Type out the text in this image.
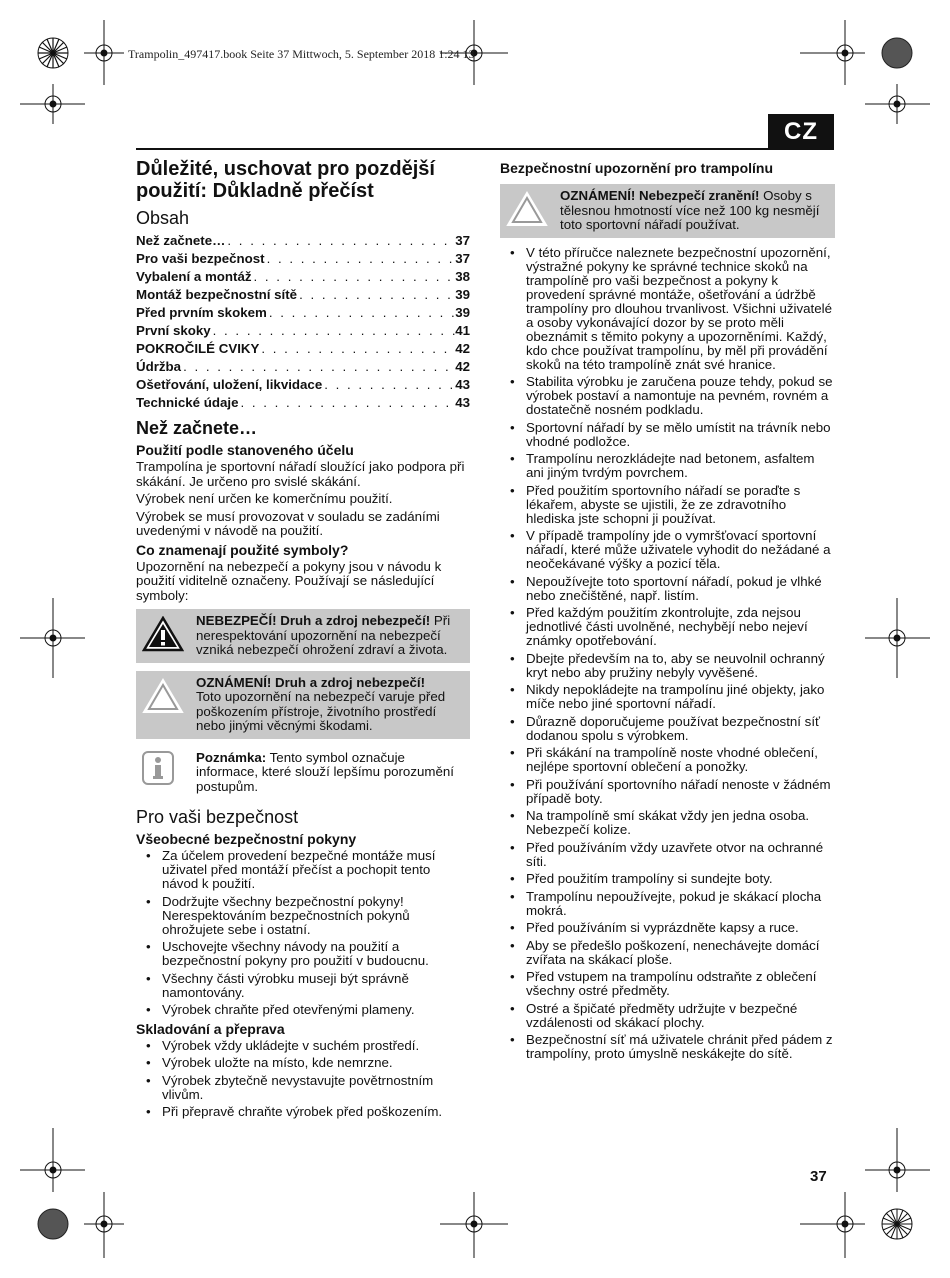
Trampolin_497417.book Seite 37 Mittwoch, 5. September 2018 1:24 13
CZ
Důležité, uschovat pro pozdější použití: Důkladně přečíst
Obsah
Než začnete… . . .	37
Pro vaši bezpečnost . . .	37
Vybalení a montáž . . .	38
Montáž bezpečnostní sítě . . .	39
Před prvním skokem . . .	39
První skoky . . .	41
POKROČILÉ CVIKY . . .	42
Údržba . . .	42
Ošetřování, uložení, likvidace . . .	43
Technické údaje . . .	43
Než začnete…
Použití podle stanoveného účelu
Trampolína je sportovní nářadí sloužící jako podpora při skákání. Je určeno pro svislé skákání.
Výrobek není určen ke komerčnímu použití.
Výrobek se musí provozovat v souladu se zadáními uvedenými v návodě na použití.
Co znamenají použité symboly?
Upozornění na nebezpečí a pokyny jsou v návodu k použití viditelně označeny. Používají se následující symboly:
NEBEZPEČÍ! Druh a zdroj nebezpečí! Při nerespektování upozornění na nebezpečí vzniká nebezpečí ohrožení zdraví a života.
OZNÁMENÍ! Druh a zdroj nebezpečí!
Toto upozornění na nebezpečí varuje před poškozením přístroje, životního prostředí nebo jinými věcnými škodami.
Poznámka: Tento symbol označuje informace, které slouží lepšímu porozumění postupům.
Pro vaši bezpečnost
Všeobecné bezpečnostní pokyny
• Za účelem provedení bezpečné montáže musí uživatel před montáží přečíst a pochopit tento návod k použití.
• Dodržujte všechny bezpečnostní pokyny! Nerespektováním bezpečnostních pokynů ohrožujete sebe i ostatní.
• Uschovejte všechny návody na použití a bezpečnostní pokyny pro použití v budoucnu.
• Všechny části výrobku museji být správně namontovány.
• Výrobek chraňte před otevřenými plameny.
Skladování a přeprava
• Výrobek vždy ukládejte v suchém prostředí.
• Výrobek uložte na místo, kde nemrzne.
• Výrobek zbytečně nevystavujte povětrnostním vlivům.
• Při přepravě chraňte výrobek před poškozením.
Bezpečnostní upozornění pro trampolínu
OZNÁMENÍ! Nebezpečí zranění! Osoby s tělesnou hmotností více než 100 kg nesmějí toto sportovní nářadí používat.
• V této příručce naleznete bezpečnostní upozornění, výstražné pokyny ke správné technice skoků na trampolíně pro vaši bezpečnost a pokyny k provedení správné montáže, ošetřování a údržbě trampolíny pro dlouhou trvanlivost. Všichni uživatelé a osoby vykonávající dozor by se proto měli obeznámit s těmito pokyny a upozorněními. Každý, kdo chce používat trampolínu, by měl při provádění skoků na této trampolíně znát své hranice.
• Stabilita výrobku je zaručena pouze tehdy, pokud se výrobek postaví a namontuje na pevném, rovném a dostatečně nosném podkladu.
• Sportovní nářadí by se mělo umístit na trávník nebo vhodné podložce.
• Trampolínu nerozkládejte nad betonem, asfaltem ani jiným tvrdým povrchem.
• Před použitím sportovního nářadí se poraďte s lékařem, abyste se ujistili, že ze zdravotního hlediska jste schopni ji používat.
• V případě trampolíny jde o vymršťovací sportovní nářadí, které může uživatele vyhodit do nežádané a neočekávané výšky a pozicí těla.
• Nepoužívejte toto sportovní nářadí, pokud je vlhké nebo znečištěné, např. listím.
• Před každým použitím zkontrolujte, zda nejsou jednotlivé části uvolněné, nechybějí nebo nejeví známky opotřebování.
• Dbejte především na to, aby se neuvolnil ochranný kryt nebo aby pružiny nebyly vyvěšené.
• Nikdy nepokládejte na trampolínu jiné objekty, jako míče nebo jiné sportovní nářadí.
• Důrazně doporučujeme používat bezpečnostní síť dodanou spolu s výrobkem.
• Při skákání na trampolíně noste vhodné oblečení, nejlépe sportovní oblečení a ponožky.
• Při používání sportovního nářadí nenoste v žádném případě boty.
• Na trampolíně smí skákat vždy jen jedna osoba. Nebezpečí kolize.
• Před používáním vždy uzavřete otvor na ochranné síti.
• Před použitím trampolíny si sundejte boty.
• Trampolínu nepoužívejte, pokud je skákací plocha mokrá.
• Před používáním si vyprázdněte kapsy a ruce.
• Aby se předešlo poškození, nenechávejte domácí zvířata na skákací ploše.
• Před vstupem na trampolínu odstraňte z oblečení všechny ostré předměty.
• Ostré a špičaté předměty udržujte v bezpečné vzdálenosti od skákací plochy.
• Bezpečnostní síť má uživatele chránit před pádem z trampolíny, proto úmyslně neskákejte do sítě.
37
